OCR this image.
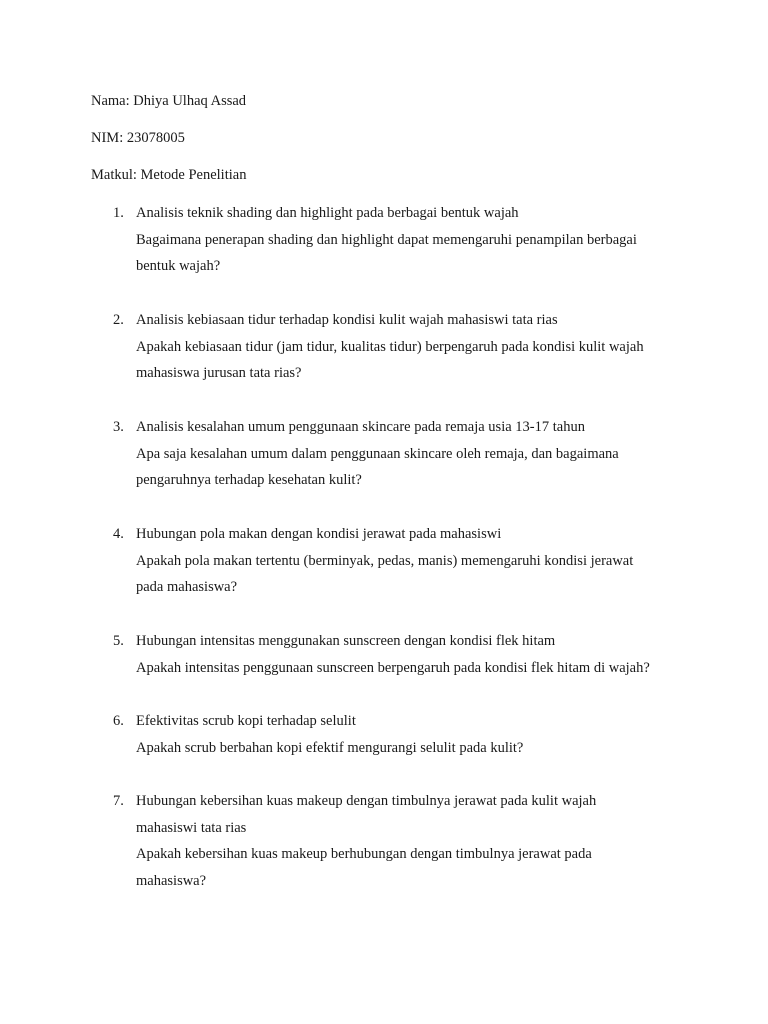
Nama: Dhiya Ulhaq Assad
NIM: 23078005
Matkul: Metode Penelitian
1. Analisis teknik shading dan highlight pada berbagai bentuk wajah
Bagaimana penerapan shading dan highlight dapat memengaruhi penampilan berbagai
bentuk wajah?
2. Analisis kebiasaan tidur terhadap kondisi kulit wajah mahasiswi tata rias
Apakah kebiasaan tidur (jam tidur, kualitas tidur) berpengaruh pada kondisi kulit wajah
mahasiswa jurusan tata rias?
3. Analisis kesalahan umum penggunaan skincare pada remaja usia 13-17 tahun
Apa saja kesalahan umum dalam penggunaan skincare oleh remaja, dan bagaimana
pengaruhnya terhadap kesehatan kulit?
4. Hubungan pola makan dengan kondisi jerawat pada mahasiswi
Apakah pola makan tertentu (berminyak, pedas, manis) memengaruhi kondisi jerawat
pada mahasiswa?
5. Hubungan intensitas menggunakan sunscreen dengan kondisi flek hitam
Apakah intensitas penggunaan sunscreen berpengaruh pada kondisi flek hitam di wajah?
6. Efektivitas scrub kopi terhadap selulit
Apakah scrub berbahan kopi efektif mengurangi selulit pada kulit?
7. Hubungan kebersihan kuas makeup dengan timbulnya jerawat pada kulit wajah
mahasiswi tata rias
Apakah kebersihan kuas makeup berhubungan dengan timbulnya jerawat pada
mahasiswa?
